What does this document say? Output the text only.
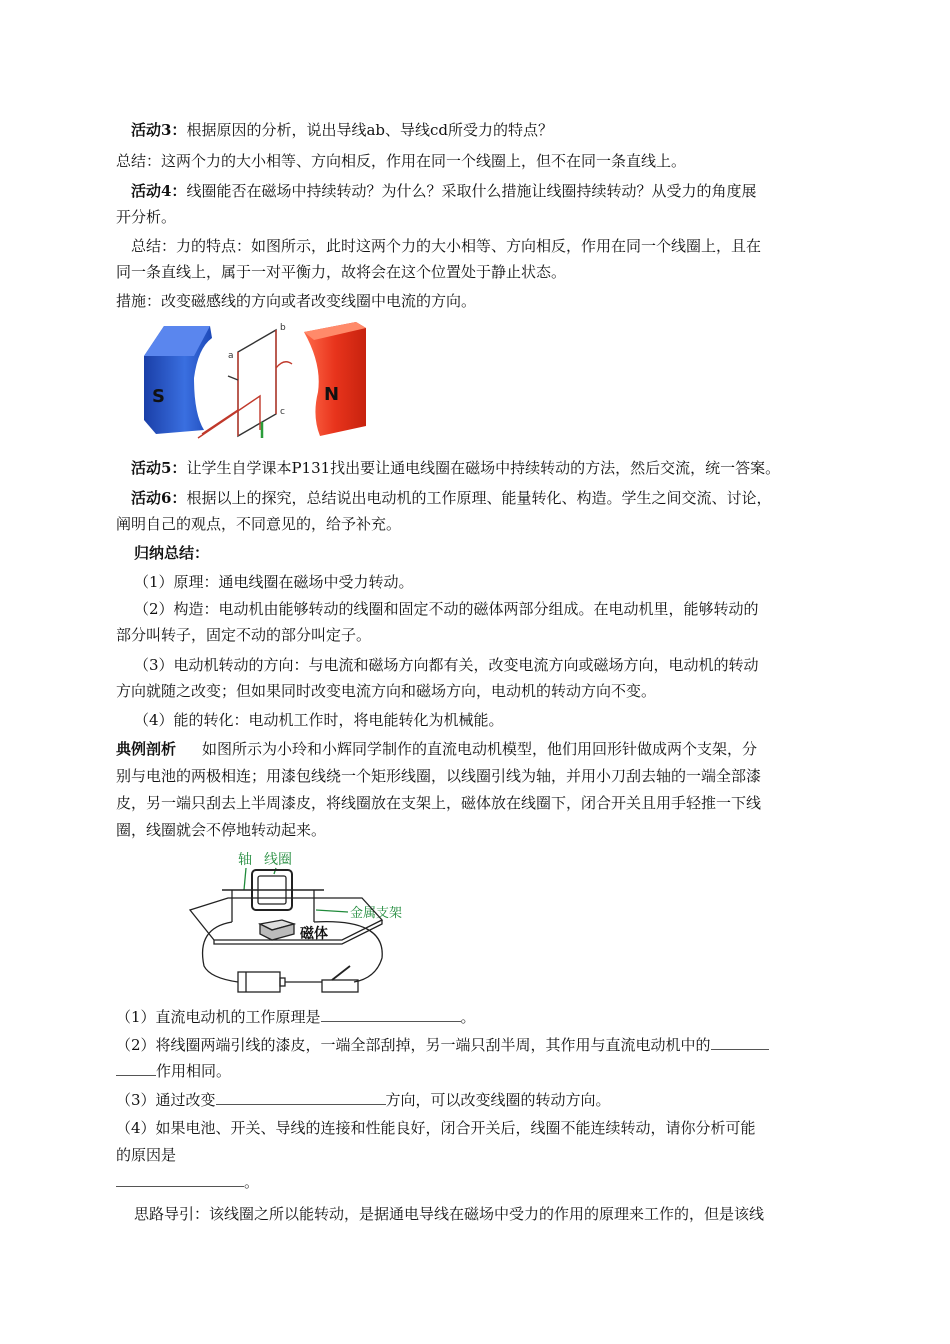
活动3：根据原因的分析，说出导线ab、导线cd所受力的特点？
总结：这两个力的大小相等、方向相反，作用在同一个线圈上，但不在同一条直线上。
活动4：线圈能否在磁场中持续转动？为什么？采取什么措施让线圈持续转动？从受力的角度展
开分析。
总结：力的特点：如图所示，此时这两个力的大小相等、方向相反，作用在同一个线圈上，且在
同一条直线上，属于一对平衡力，故将会在这个位置处于静止状态。
措施：改变磁感线的方向或者改变线圈中电流的方向。
S
a
b
c
N
活动5：让学生自学课本P131找出要让通电线圈在磁场中持续转动的方法，然后交流，统一答案。
活动6：根据以上的探究，总结说出电动机的工作原理、能量转化、构造。学生之间交流、讨论，
阐明自己的观点，不同意见的，给予补充。
归纳总结：
（1）原理：通电线圈在磁场中受力转动。
（2）构造：电动机由能够转动的线圈和固定不动的磁体两部分组成。在电动机里，能够转动的
部分叫转子，固定不动的部分叫定子。
（3）电动机转动的方向：与电流和磁场方向都有关，改变电流方向或磁场方向，电动机的转动
方向就随之改变；但如果同时改变电流方向和磁场方向，电动机的转动方向不变。
（4）能的转化：电动机工作时，将电能转化为机械能。
典例剖析 如图所示为小玲和小辉同学制作的直流电动机模型，他们用回形针做成两个支架，分
别与电池的两极相连；用漆包线绕一个矩形线圈，以线圈引线为轴，并用小刀刮去轴的一端全部漆
皮，另一端只刮去上半周漆皮，将线圈放在支架上，磁体放在线圈下，闭合开关且用手轻推一下线
圈，线圈就会不停地转动起来。
轴 线圈
金属支架
磁体
（1）直流电动机的工作原理是	。
（2）将线圈两端引线的漆皮，一端全部刮掉，另一端只刮半周，其作用与直流电动机中的
作用相同。
（3）通过改变	方向，可以改变线圈的转动方向。
（4）如果电池、开关、导线的连接和性能良好，闭合开关后，线圈不能连续转动，请你分析可能
的原因是
。
思路导引：该线圈之所以能转动，是据通电导线在磁场中受力的作用的原理来工作的，但是该线
